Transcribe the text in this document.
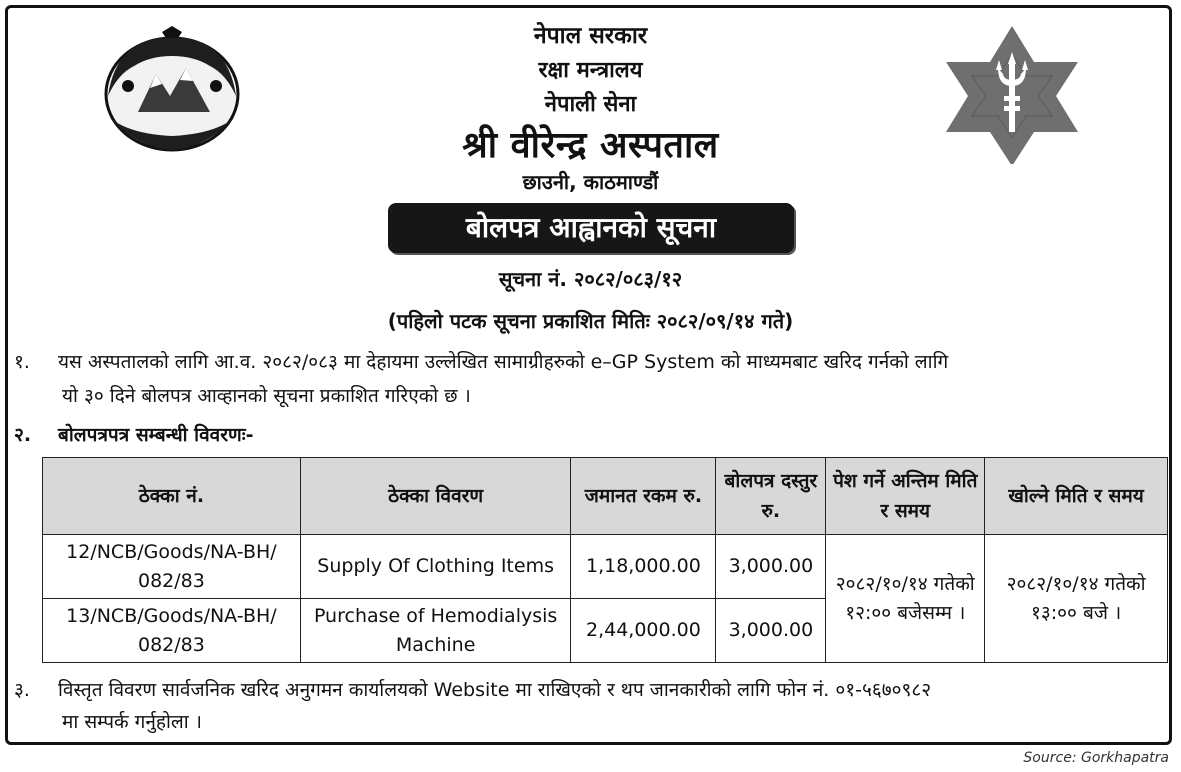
नेपाल सरकार
रक्षा मन्त्रालय
नेपाली सेना
श्री वीरेन्द्र अस्पताल
छाउनी, काठमाण्डौं
बोलपत्र आह्वानको सूचना
सूचना नं. २०८२/०८३/१२
(पहिलो पटक सूचना प्रकाशित मितिः २०८२/०९/१४ गते)
१. यस अस्पतालको लागि आ.व. २०८२/०८३ मा देहायमा उल्लेखित सामाग्रीहरुको e–GP System को माध्यमबाट खरिद गर्नको लागि
यो ३० दिने बोलपत्र आव्हानको सूचना प्रकाशित गरिएको छ ।
२. बोलपत्रपत्र सम्बन्धी विवरणः-
ठेक्का नं.	ठेक्का विवरण	जमानत रकम रु.	बोलपत्र दस्तुर रु.	पेश गर्ने अन्तिम मिति र समय	खोल्ने मिति र समय
12/NCB/Goods/NA-BH/ 082/83	Supply Of Clothing Items	1,18,000.00	3,000.00	२०८२/१०/१४ गतेको १२:०० बजेसम्म ।	२०८२/१०/१४ गतेको १३:०० बजे ।
13/NCB/Goods/NA-BH/ 082/83	Purchase of Hemodialysis Machine	2,44,000.00	3,000.00		
३. विस्तृत विवरण सार्वजनिक खरिद अनुगमन कार्यालयको Website मा राखिएको र थप जानकारीको लागि फोन नं. ०१-५६७०९८२
मा सम्पर्क गर्नुहोला ।
Source: Gorkhapatra
